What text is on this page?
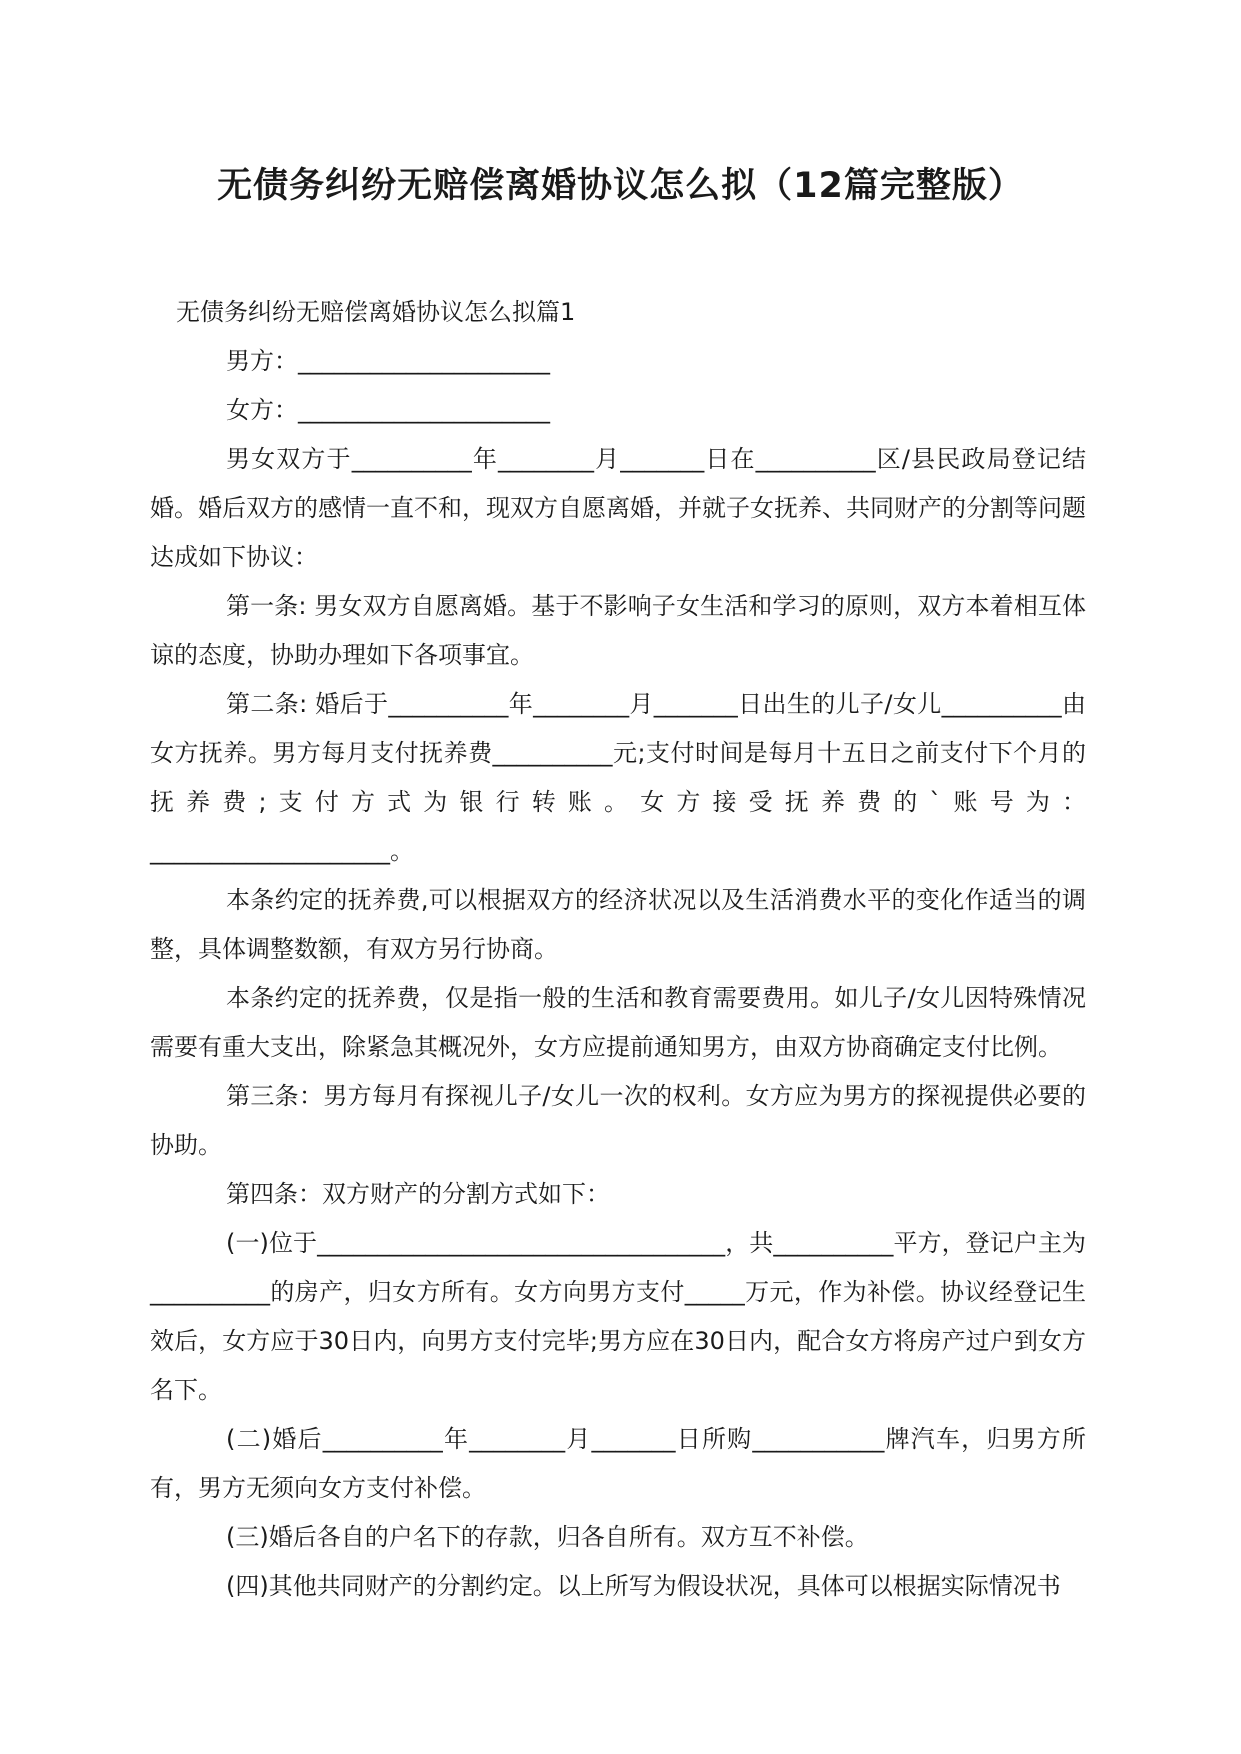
无债务纠纷无赔偿离婚协议怎么拟（12篇完整版）

无债务纠纷无赔偿离婚协议怎么拟篇1

男方：_____________________

女方：_____________________

男女双方于__________年________月_______日在__________区/县民政局登记结婚。婚后双方的感情一直不和，现双方自愿离婚，并就子女抚养、共同财产的分割等问题达成如下协议：

第一条: 男女双方自愿离婚。基于不影响子女生活和学习的原则，双方本着相互体谅的态度，协助办理如下各项事宜。

第二条: 婚后于__________年________月_______日出生的儿子/女儿__________由女方抚养。男方每月支付抚养费__________元;支付时间是每月十五日之前支付下个月的抚养费;支付方式为银行转账。女方接受抚养费的`账号为：

____________________。

本条约定的抚养费,可以根据双方的经济状况以及生活消费水平的变化作适当的调整，具体调整数额，有双方另行协商。

本条约定的抚养费，仅是指一般的生活和教育需要费用。如儿子/女儿因特殊情况需要有重大支出，除紧急其概况外，女方应提前通知男方，由双方协商确定支付比例。

第三条：男方每月有探视儿子/女儿一次的权利。女方应为男方的探视提供必要的协助。

第四条：双方财产的分割方式如下：

(一)位于__________________________________，共__________平方，登记户主为__________的房产，归女方所有。女方向男方支付_____万元，作为补偿。协议经登记生效后，女方应于30日内，向男方支付完毕;男方应在30日内，配合女方将房产过户到女方名下。

(二)婚后__________年________月_______日所购___________牌汽车，归男方所有，男方无须向女方支付补偿。

(三)婚后各自的户名下的存款，归各自所有。双方互不补偿。

(四)其他共同财产的分割约定。以上所写为假设状况，具体可以根据实际情况书
